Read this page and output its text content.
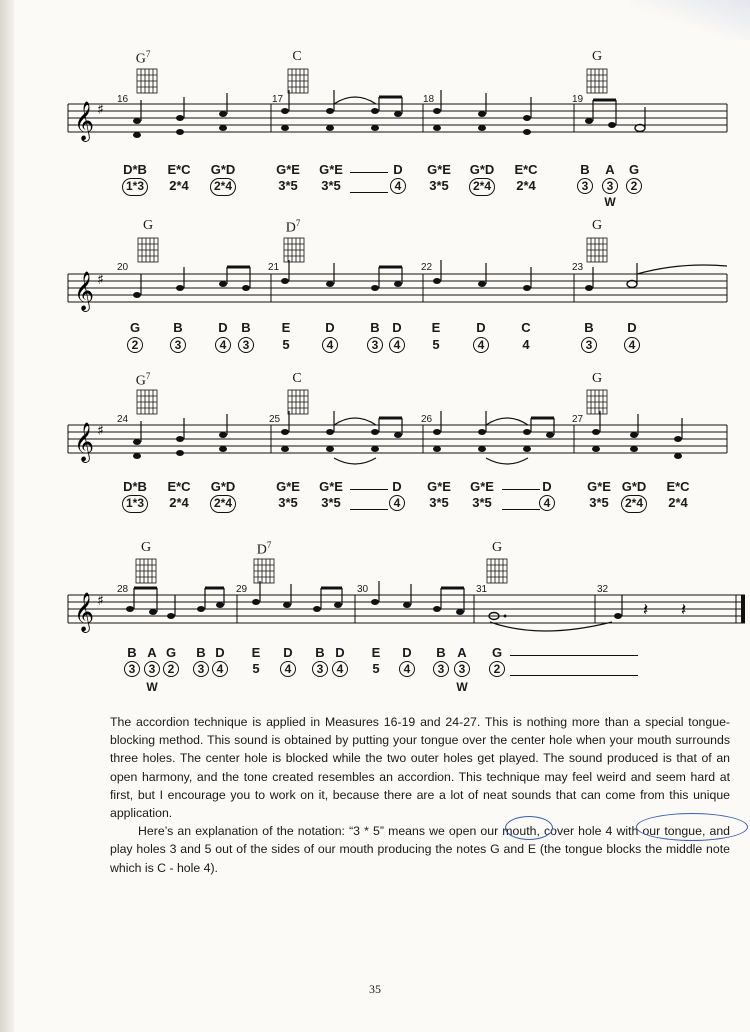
𝄞 ♯
$G^7$	C	G
16	17	18	19
D*B	E*C	G*D	G*E	G*E	D	G*E	G*D	E*C	B	A	G
1*3	2*4	2*4	3*5	3*5	4	3*5	2*4	2*4	3	3	2
W
𝄞 ♯
G	$D^7$	G
20	21	22	23
G	B	D	B	E	D	B D	E	D	C	B	D
2	3	4	3	5	4	3	4	5	4	4	3	4
𝄞 ♯
$G^7$	C	G
24	25	26	27
D*B	E*C	G*D	G*E	G*E	D	G*E	G*E	D	G*E G*D	E*C
1*3	2*4	2*4	3*5	3*5	4	3*5	3*5	4	3*5	2*4	2*4
𝄞 ♯	𝄽 𝄽
G	$D^7$	G
28	29	30	31	32
B A G	B D	E	D	B D	E	D	B A	G
3	3	2	3	4	5	4	3	4	5	4	3	3	2
W	W

The accordion technique is applied in Measures 16-19 and 24-27. This is nothing more than a special tongue-blocking method. This sound is obtained by putting your tongue over the center hole when your mouth surrounds three holes. The center hole is blocked while the two outer holes get played. The sound produced is that of an open harmony, and the tone created resembles an accordion. This technique may feel weird and seem hard at first, but I encourage you to work on it, because there are a lot of neat sounds that can come from this unique application.

Here’s an explanation of the notation: “3 * 5” means we open our mouth, cover hole 4 with our tongue, and play holes 3 and 5 out of the sides of our mouth producing the notes G and E (the tongue blocks the middle note which is C - hole 4).

35
